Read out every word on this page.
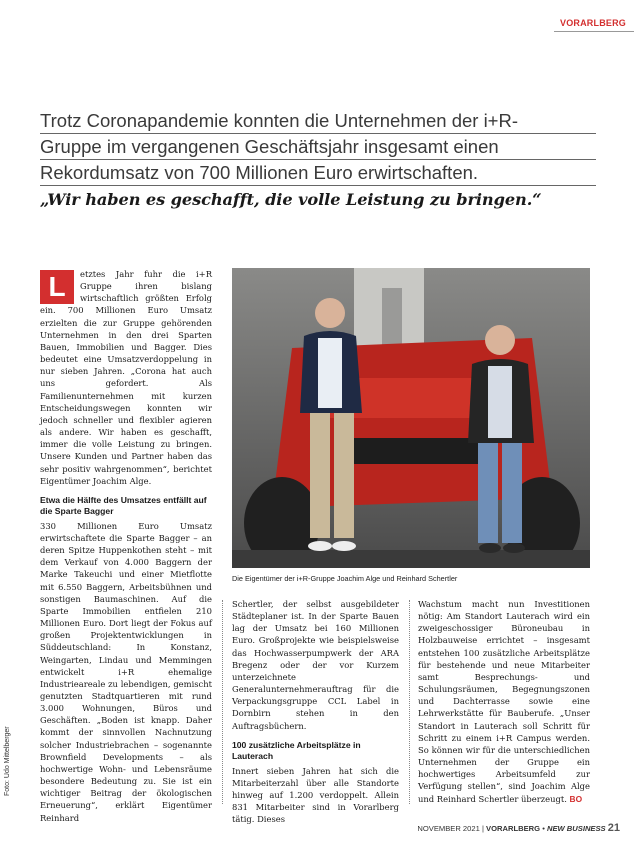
VORARLBERG
Trotz Coronapandemie konnten die Unternehmen der i+R-
Gruppe im vergangenen Geschäftsjahr insgesamt einen
Rekordumsatz von 700 Millionen Euro erwirtschaften.
„Wir haben es geschafft, die volle Leistung zu bringen.“
L	etztes Jahr fuhr die i+R Gruppe ihren bislang wirtschaftlich größten Erfolg ein. 700 Millionen Euro Umsatz erzielten die zur Gruppe gehörenden Unternehmen in den drei Sparten Bauen, Immobilien und Bagger. Dies bedeutet eine Umsatzverdoppelung in nur sieben Jahren. „Corona hat auch uns gefordert. Als Familienunternehmen mit kurzen Entscheidungswegen konnten wir jedoch schneller und flexibler agieren als andere. Wir haben es geschafft, immer die volle Leistung zu bringen. Unsere Kunden und Partner haben das sehr positiv wahrgenommen“, berichtet Eigentümer Joachim Alge.

Etwa die Hälfte des Umsatzes entfällt auf die Sparte Bagger

330 Millionen Euro Umsatz erwirtschaftete die Sparte Bagger – an deren Spitze Huppenkothen steht – mit dem Verkauf von 4.000 Baggern der Marke Takeuchi und einer Mietflotte mit 6.550 Baggern, Arbeitsbühnen und sonstigen Baumaschinen. Auf die Sparte Immobilien entfielen 210 Millionen Euro. Dort liegt der Fokus auf großen Projektentwicklungen in Süddeutschland: In Konstanz, Weingarten, Lindau und Memmingen entwickelt i+R ehemalige Industrieareale zu lebendigen, gemischt genutzten Stadtquartieren mit rund 3.000 Wohnungen, Büros und Geschäften. „Boden ist knapp. Daher kommt der sinnvollen Nachnutzung solcher Industriebrachen – sogenannte Brownfield Developments – als hochwertige Wohn- und Lebensräume besondere Bedeutung zu. Sie ist ein wichtiger Beitrag der ökologischen Erneuerung“, erklärt Eigentümer Reinhard

Die Eigentümer der i+R-Gruppe Joachim Alge und Reinhard Schertler
Foto: Udo Mittelberger

Schertler, der selbst ausgebildeter Städteplaner ist. In der Sparte Bauen lag der Umsatz bei 160 Millionen Euro. Großprojekte wie beispielsweise das Hochwasserpumpwerk der ARA Bregenz oder der vor Kurzem unterzeichnete Generalunternehmerauftrag für die Verpackungsgruppe CCL Label in Dornbirn stehen in den Auftragsbüchern.

100 zusätzliche Arbeitsplätze in Lauterach

Innert sieben Jahren hat sich die Mitarbeiterzahl über alle Standorte hinweg auf 1.200 verdoppelt. Allein 831 Mitarbeiter sind in Vorarlberg tätig. Dieses

Wachstum macht nun Investitionen nötig: Am Standort Lauterach wird ein zweigeschossiger Büroneubau in Holzbauweise errichtet – insgesamt entstehen 100 zusätzliche Arbeitsplätze für bestehende und neue Mitarbeiter samt Besprechungs- und Schulungsräumen, Begegnungszonen und Dachterrasse sowie eine Lehrwerkstätte für Bauberufe. „Unser Standort in Lauterach soll Schritt für Schritt zu einem i+R Campus werden. So können wir für die unterschiedlichen Unternehmen der Gruppe ein hochwertiges Arbeitsumfeld zur Verfügung stellen“, sind Joachim Alge und Reinhard Schertler überzeugt. BO

NOVEMBER 2021 | VORARLBERG • NEW BUSINESS 21
